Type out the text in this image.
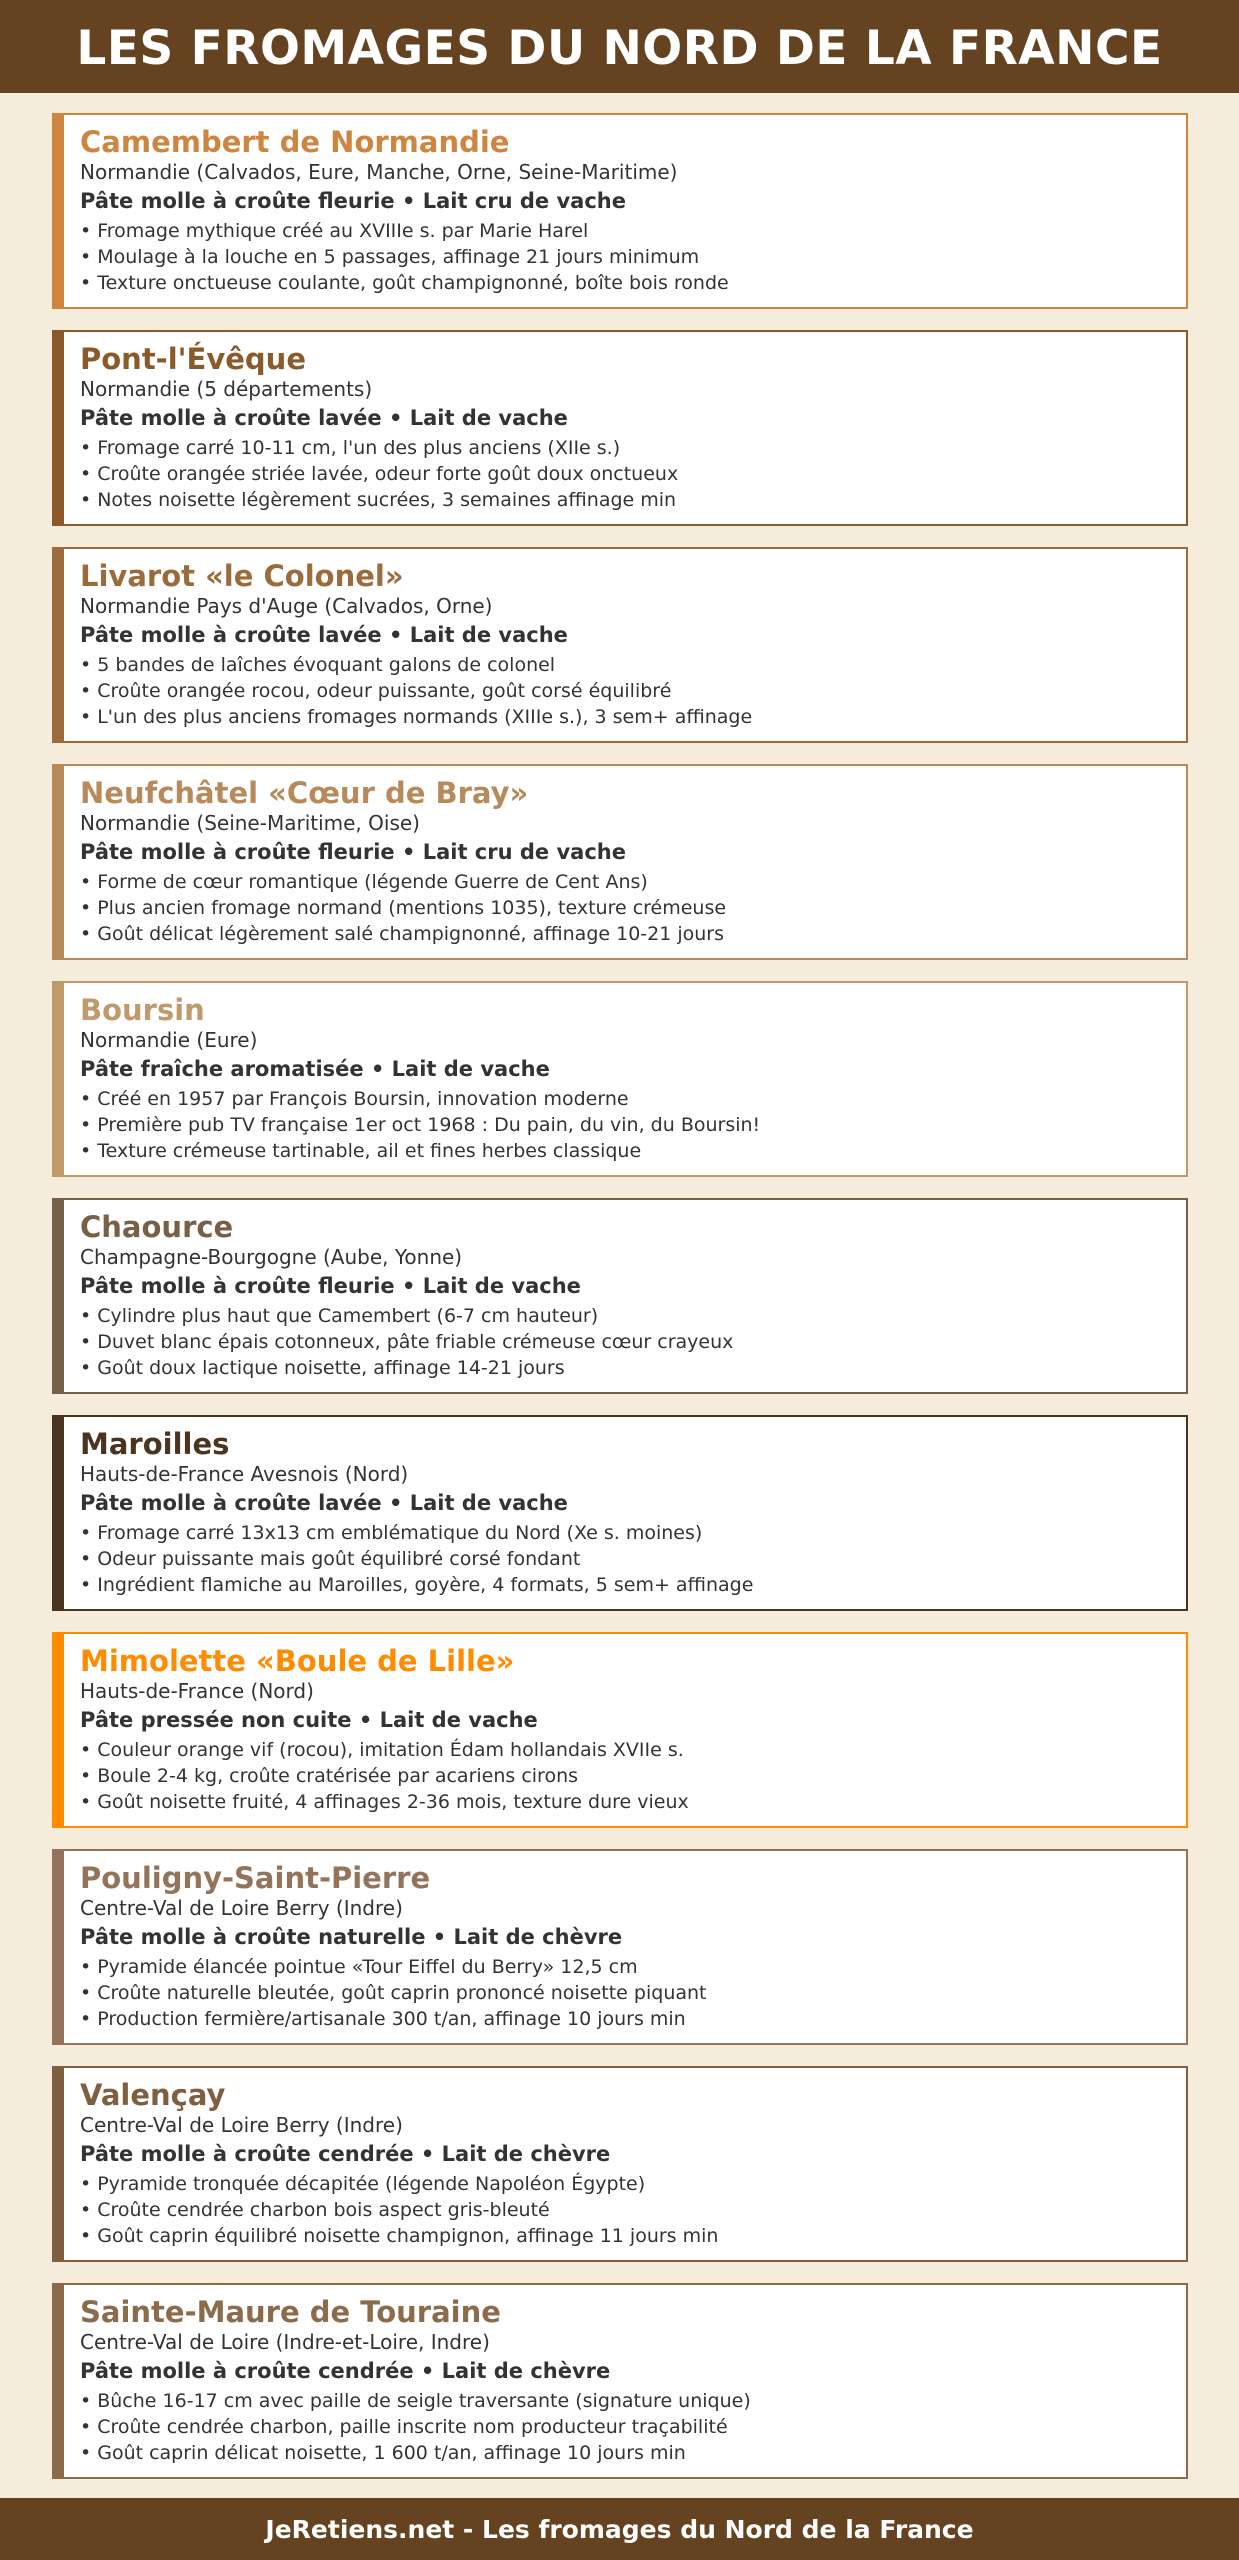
LES FROMAGES DU NORD DE LA FRANCE
Camembert de Normandie
Normandie (Calvados, Eure, Manche, Orne, Seine-Maritime)
Pâte molle à croûte fleurie • Lait cru de vache
• Fromage mythique créé au XVIIIe s. par Marie Harel
• Moulage à la louche en 5 passages, affinage 21 jours minimum
• Texture onctueuse coulante, goût champignonné, boîte bois ronde
Pont-l'Évêque
Normandie (5 départements)
Pâte molle à croûte lavée • Lait de vache
• Fromage carré 10-11 cm, l'un des plus anciens (XIIe s.)
• Croûte orangée striée lavée, odeur forte goût doux onctueux
• Notes noisette légèrement sucrées, 3 semaines affinage min
Livarot «le Colonel»
Normandie Pays d'Auge (Calvados, Orne)
Pâte molle à croûte lavée • Lait de vache
• 5 bandes de laîches évoquant galons de colonel
• Croûte orangée rocou, odeur puissante, goût corsé équilibré
• L'un des plus anciens fromages normands (XIIIe s.), 3 sem+ affinage
Neufchâtel «Cœur de Bray»
Normandie (Seine-Maritime, Oise)
Pâte molle à croûte fleurie • Lait cru de vache
• Forme de cœur romantique (légende Guerre de Cent Ans)
• Plus ancien fromage normand (mentions 1035), texture crémeuse
• Goût délicat légèrement salé champignonné, affinage 10-21 jours
Boursin
Normandie (Eure)
Pâte fraîche aromatisée • Lait de vache
• Créé en 1957 par François Boursin, innovation moderne
• Première pub TV française 1er oct 1968 : Du pain, du vin, du Boursin!
• Texture crémeuse tartinable, ail et fines herbes classique
Chaource
Champagne-Bourgogne (Aube, Yonne)
Pâte molle à croûte fleurie • Lait de vache
• Cylindre plus haut que Camembert (6-7 cm hauteur)
• Duvet blanc épais cotonneux, pâte friable crémeuse cœur crayeux
• Goût doux lactique noisette, affinage 14-21 jours
Maroilles
Hauts-de-France Avesnois (Nord)
Pâte molle à croûte lavée • Lait de vache
• Fromage carré 13x13 cm emblématique du Nord (Xe s. moines)
• Odeur puissante mais goût équilibré corsé fondant
• Ingrédient flamiche au Maroilles, goyère, 4 formats, 5 sem+ affinage
Mimolette «Boule de Lille»
Hauts-de-France (Nord)
Pâte pressée non cuite • Lait de vache
• Couleur orange vif (rocou), imitation Édam hollandais XVIIe s.
• Boule 2-4 kg, croûte cratérisée par acariens cirons
• Goût noisette fruité, 4 affinages 2-36 mois, texture dure vieux
Pouligny-Saint-Pierre
Centre-Val de Loire Berry (Indre)
Pâte molle à croûte naturelle • Lait de chèvre
• Pyramide élancée pointue «Tour Eiffel du Berry» 12,5 cm
• Croûte naturelle bleutée, goût caprin prononcé noisette piquant
• Production fermière/artisanale 300 t/an, affinage 10 jours min
Valençay
Centre-Val de Loire Berry (Indre)
Pâte molle à croûte cendrée • Lait de chèvre
• Pyramide tronquée décapitée (légende Napoléon Égypte)
• Croûte cendrée charbon bois aspect gris-bleuté
• Goût caprin équilibré noisette champignon, affinage 11 jours min
Sainte-Maure de Touraine
Centre-Val de Loire (Indre-et-Loire, Indre)
Pâte molle à croûte cendrée • Lait de chèvre
• Bûche 16-17 cm avec paille de seigle traversante (signature unique)
• Croûte cendrée charbon, paille inscrite nom producteur traçabilité
• Goût caprin délicat noisette, 1 600 t/an, affinage 10 jours min
JeRetiens.net - Les fromages du Nord de la France
